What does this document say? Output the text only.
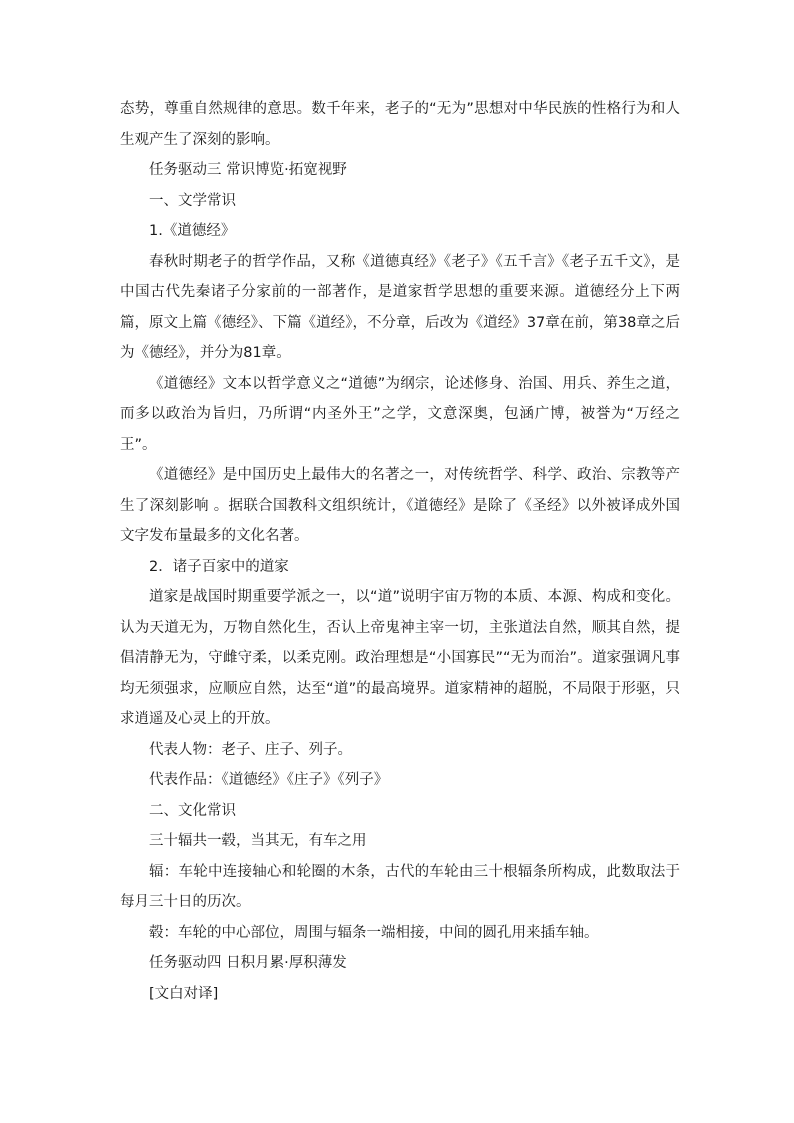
态势，尊重自然规律的意思。数千年来，老子的“无为”思想对中华民族的性格行为和人生观产生了深刻的影响。

任务驱动三 常识博览·拓宽视野

一、文学常识

1.《道德经》

春秋时期老子的哲学作品，又称《道德真经》《老子》《五千言》《老子五千文》，是中国古代先秦诸子分家前的一部著作，是道家哲学思想的重要来源。道德经分上下两篇，原文上篇《德经》、下篇《道经》，不分章，后改为《道经》37章在前，第38章之后为《德经》，并分为81章。

《道德经》文本以哲学意义之“道德”为纲宗，论述修身、治国、用兵、养生之道，而多以政治为旨归，乃所谓“内圣外王”之学，文意深奥，包涵广博，被誉为“万经之王”。

《道德经》是中国历史上最伟大的名著之一，对传统哲学、科学、政治、宗教等产生了深刻影响 。据联合国教科文组织统计，《道德经》是除了《圣经》以外被译成外国文字发布量最多的文化名著。

2．诸子百家中的道家

道家是战国时期重要学派之一，以“道”说明宇宙万物的本质、本源、构成和变化。认为天道无为，万物自然化生，否认上帝鬼神主宰一切，主张道法自然，顺其自然，提倡清静无为，守雌守柔，以柔克刚。政治理想是“小国寡民”“无为而治”。道家强调凡事均无须强求，应顺应自然，达至“道”的最高境界。道家精神的超脱，不局限于形驱，只求逍遥及心灵上的开放。

代表人物：老子、庄子、列子。

代表作品：《道德经》《庄子》《列子》

二、文化常识

三十辐共一毂，当其无，有车之用

辐：车轮中连接轴心和轮圈的木条，古代的车轮由三十根辐条所构成，此数取法于每月三十日的历次。

毂：车轮的中心部位，周围与辐条一端相接，中间的圆孔用来插车轴。

任务驱动四 日积月累·厚积薄发

[文白对译]
